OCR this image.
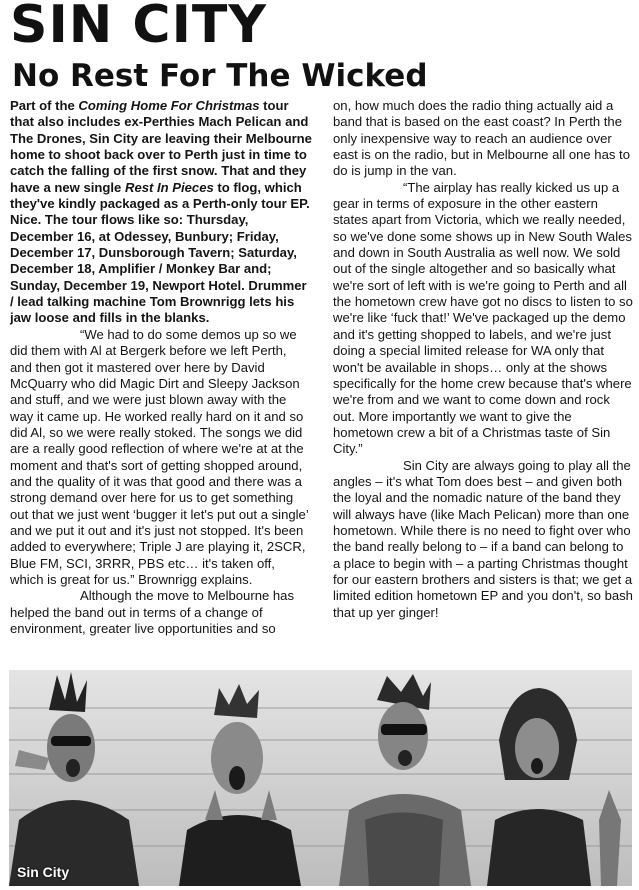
SIN CITY
No Rest For The Wicked

Part of the Coming Home For Christmas tour that also includes ex-Perthies Mach Pelican and The Drones, Sin City are leaving their Melbourne home to shoot back over to Perth just in time to catch the falling of the first snow. That and they have a new single Rest In Pieces to flog, which they've kindly packaged as a Perth-only tour EP. Nice. The tour flows like so: Thursday, December 16, at Odessey, Bunbury; Friday, December 17, Dunsborough Tavern; Saturday, December 18, Amplifier / Monkey Bar and; Sunday, December 19, Newport Hotel. Drummer / lead talking machine Tom Brownrigg lets his jaw loose and fills in the blanks.

“We had to do some demos up so we did them with Al at Bergerk before we left Perth, and then got it mastered over here by David McQuarry who did Magic Dirt and Sleepy Jackson and stuff, and we were just blown away with the way it came up. He worked really hard on it and so did Al, so we were really stoked. The songs we did are a really good reflection of where we're at at the moment and that's sort of getting shopped around, and the quality of it was that good and there was a strong demand over here for us to get something out that we just went ‘bugger it let's put out a single’ and we put it out and it's just not stopped. It's been added to everywhere; Triple J are playing it, 2SCR, Blue FM, SCI, 3RRR, PBS etc… it's taken off, which is great for us.” Brownrigg explains.

Although the move to Melbourne has helped the band out in terms of a change of environment, greater live opportunities and so

on, how much does the radio thing actually aid a band that is based on the east coast? In Perth the only inexpensive way to reach an audience over east is on the radio, but in Melbourne all one has to do is jump in the van.

“The airplay has really kicked us up a gear in terms of exposure in the other eastern states apart from Victoria, which we really needed, so we've done some shows up in New South Wales and down in South Australia as well now. We sold out of the single altogether and so basically what we're sort of left with is we're going to Perth and all the hometown crew have got no discs to listen to so we're like ‘fuck that!’ We've packaged up the demo and it's getting shopped to labels, and we're just doing a special limited release for WA only that won't be available in shops… only at the shows specifically for the home crew because that's where we're from and we want to come down and rock out. More importantly we want to give the hometown crew a bit of a Christmas taste of Sin City.”

Sin City are always going to play all the angles – it's what Tom does best – and given both the loyal and the nomadic nature of the band they will always have (like Mach Pelican) more than one hometown. While there is no need to fight over who the band really belong to – if a band can belong to a place to begin with – a parting Christmas thought for our eastern brothers and sisters is that; we get a limited edition hometown EP and you don't, so bash that up yer ginger!

Sin City
